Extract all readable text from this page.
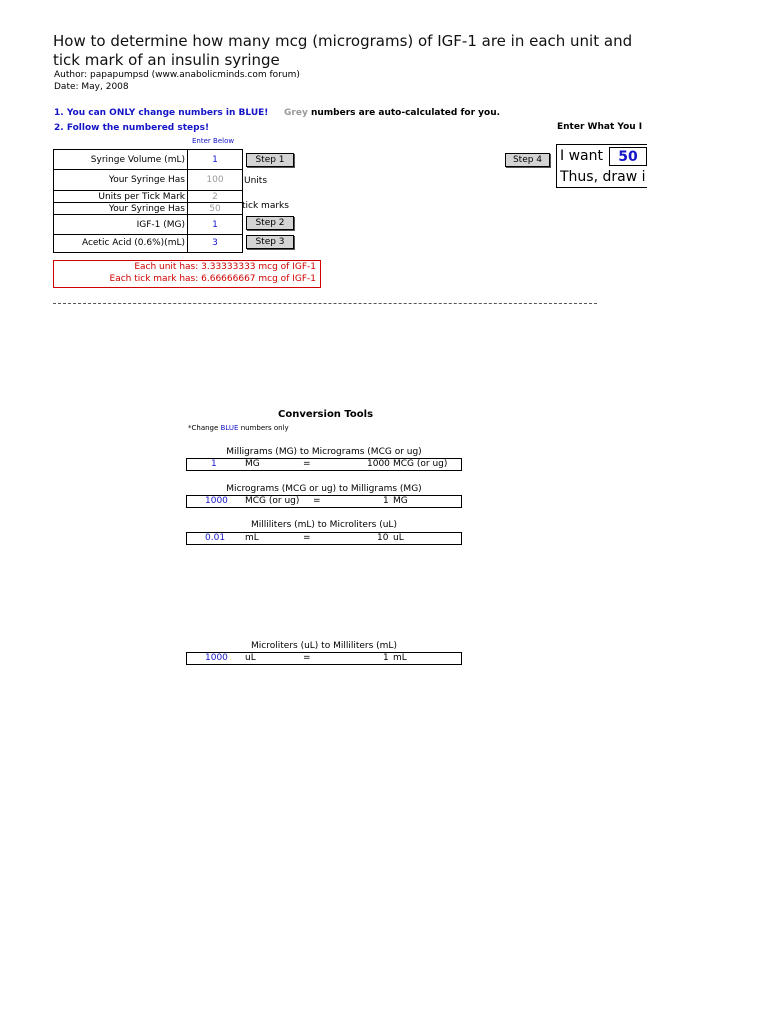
How to determine how many mcg (micrograms) of IGF-1 are in each unit and tick mark of an insulin syringe
Author: papapumpsd (www.anabolicminds.com forum)
Date: May, 2008
1. You can ONLY change numbers in BLUE! Grey numbers are auto-calculated for you.
2. Follow the numbered steps!
Enter Below
Syringe Volume (mL)	1
Your Syringe Has	100
Units per Tick Mark	2
Your Syringe Has	50
IGF-1 (MG)	1
Acetic Acid (0.6%)(mL)	3
Units
tick marks
Step 1
Step 2
Step 3
Step 4
Each unit has: 3.33333333 mcg of IGF-1
Each tick mark has: 6.66666667 mcg of IGF-1
Enter What You I
I want	50
Thus, draw i
Conversion Tools
*Change BLUE numbers only
Milligrams (MG) to Micrograms (MCG or ug)
1	MG	=	1000 MCG (or ug)
Micrograms (MCG or ug) to Milligrams (MG)
1000 MCG (or ug) =	1 MG
Milliliters (mL) to Microliters (uL)
0.01 mL	=	10 uL
Microliters (uL) to Milliliters (mL)
1000 uL	=	1 mL
